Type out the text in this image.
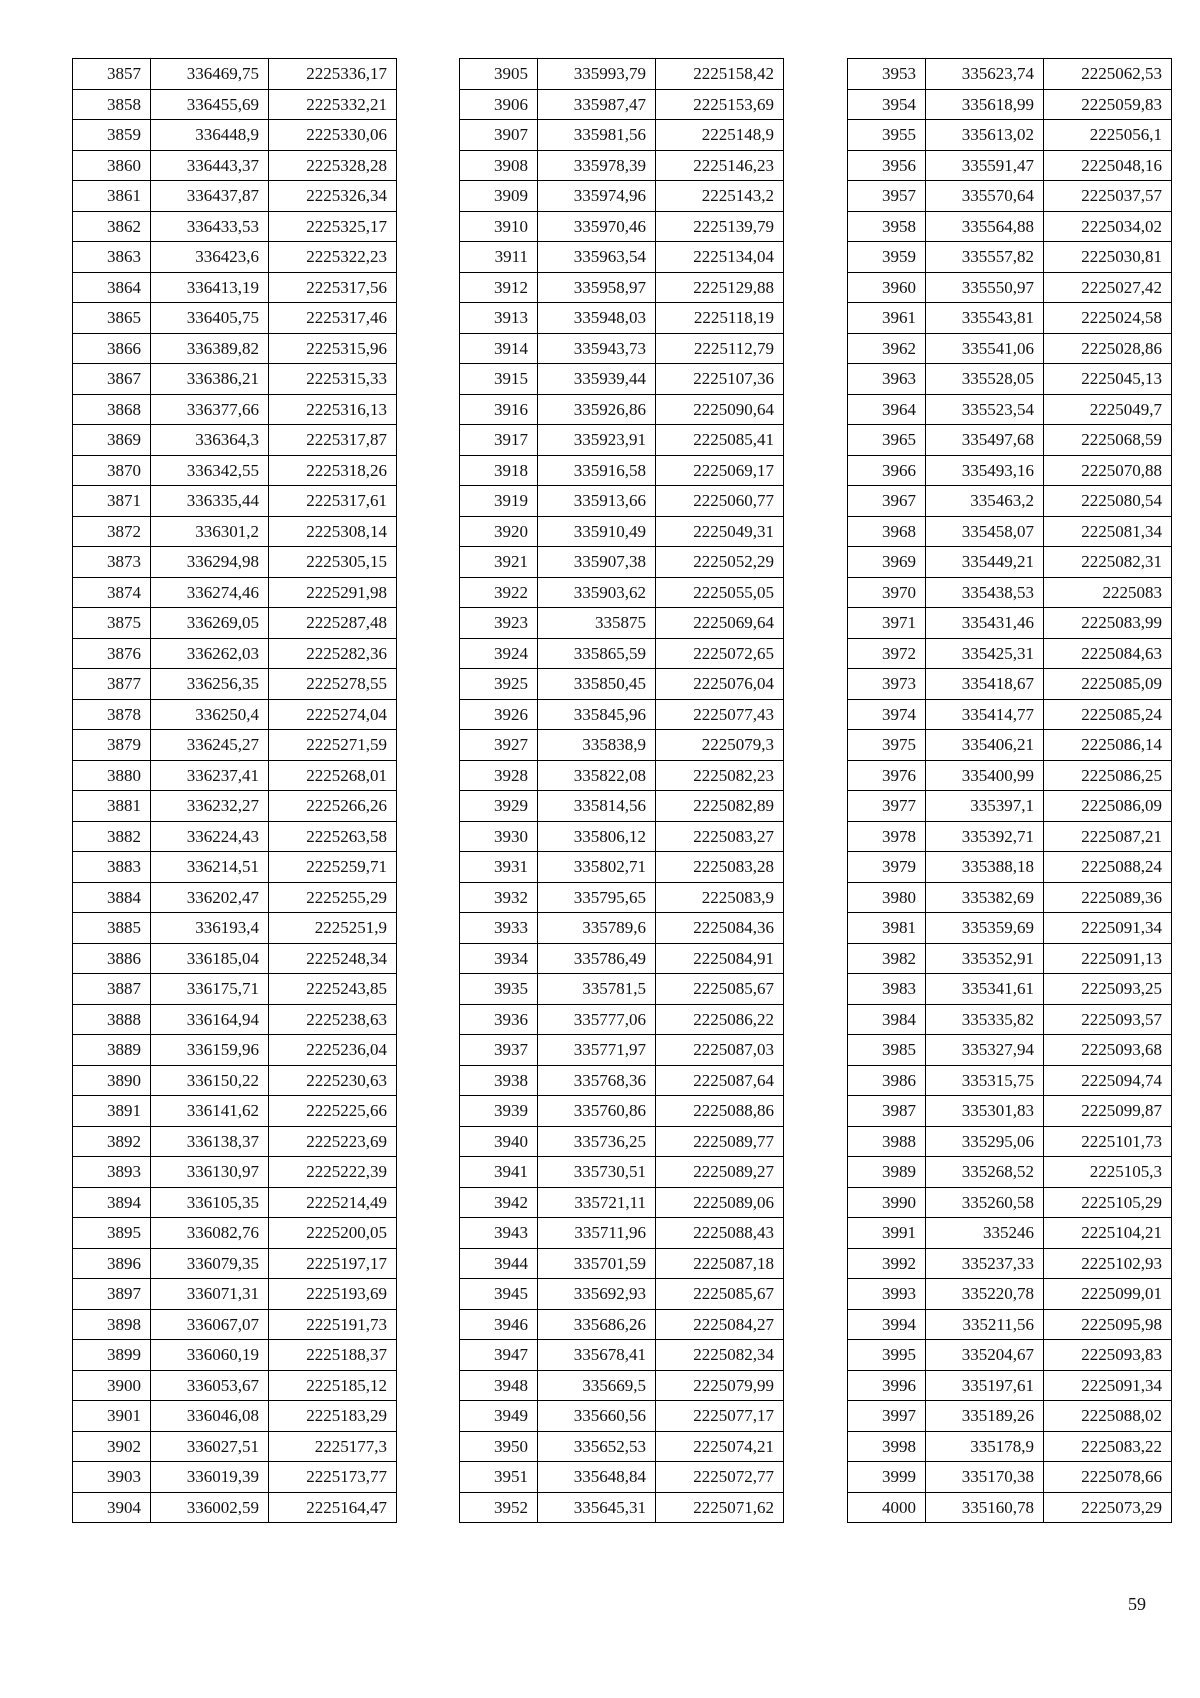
3857	336469,75	2225336,17
3858	336455,69	2225332,21
3859	336448,9	2225330,06
3860	336443,37	2225328,28
3861	336437,87	2225326,34
3862	336433,53	2225325,17
3863	336423,6	2225322,23
3864	336413,19	2225317,56
3865	336405,75	2225317,46
3866	336389,82	2225315,96
3867	336386,21	2225315,33
3868	336377,66	2225316,13
3869	336364,3	2225317,87
3870	336342,55	2225318,26
3871	336335,44	2225317,61
3872	336301,2	2225308,14
3873	336294,98	2225305,15
3874	336274,46	2225291,98
3875	336269,05	2225287,48
3876	336262,03	2225282,36
3877	336256,35	2225278,55
3878	336250,4	2225274,04
3879	336245,27	2225271,59
3880	336237,41	2225268,01
3881	336232,27	2225266,26
3882	336224,43	2225263,58
3883	336214,51	2225259,71
3884	336202,47	2225255,29
3885	336193,4	2225251,9
3886	336185,04	2225248,34
3887	336175,71	2225243,85
3888	336164,94	2225238,63
3889	336159,96	2225236,04
3890	336150,22	2225230,63
3891	336141,62	2225225,66
3892	336138,37	2225223,69
3893	336130,97	2225222,39
3894	336105,35	2225214,49
3895	336082,76	2225200,05
3896	336079,35	2225197,17
3897	336071,31	2225193,69
3898	336067,07	2225191,73
3899	336060,19	2225188,37
3900	336053,67	2225185,12
3901	336046,08	2225183,29
3902	336027,51	2225177,3
3903	336019,39	2225173,77
3904	336002,59	2225164,47
3905	335993,79	2225158,42
3906	335987,47	2225153,69
3907	335981,56	2225148,9
3908	335978,39	2225146,23
3909	335974,96	2225143,2
3910	335970,46	2225139,79
3911	335963,54	2225134,04
3912	335958,97	2225129,88
3913	335948,03	2225118,19
3914	335943,73	2225112,79
3915	335939,44	2225107,36
3916	335926,86	2225090,64
3917	335923,91	2225085,41
3918	335916,58	2225069,17
3919	335913,66	2225060,77
3920	335910,49	2225049,31
3921	335907,38	2225052,29
3922	335903,62	2225055,05
3923	335875	2225069,64
3924	335865,59	2225072,65
3925	335850,45	2225076,04
3926	335845,96	2225077,43
3927	335838,9	2225079,3
3928	335822,08	2225082,23
3929	335814,56	2225082,89
3930	335806,12	2225083,27
3931	335802,71	2225083,28
3932	335795,65	2225083,9
3933	335789,6	2225084,36
3934	335786,49	2225084,91
3935	335781,5	2225085,67
3936	335777,06	2225086,22
3937	335771,97	2225087,03
3938	335768,36	2225087,64
3939	335760,86	2225088,86
3940	335736,25	2225089,77
3941	335730,51	2225089,27
3942	335721,11	2225089,06
3943	335711,96	2225088,43
3944	335701,59	2225087,18
3945	335692,93	2225085,67
3946	335686,26	2225084,27
3947	335678,41	2225082,34
3948	335669,5	2225079,99
3949	335660,56	2225077,17
3950	335652,53	2225074,21
3951	335648,84	2225072,77
3952	335645,31	2225071,62
3953	335623,74	2225062,53
3954	335618,99	2225059,83
3955	335613,02	2225056,1
3956	335591,47	2225048,16
3957	335570,64	2225037,57
3958	335564,88	2225034,02
3959	335557,82	2225030,81
3960	335550,97	2225027,42
3961	335543,81	2225024,58
3962	335541,06	2225028,86
3963	335528,05	2225045,13
3964	335523,54	2225049,7
3965	335497,68	2225068,59
3966	335493,16	2225070,88
3967	335463,2	2225080,54
3968	335458,07	2225081,34
3969	335449,21	2225082,31
3970	335438,53	2225083
3971	335431,46	2225083,99
3972	335425,31	2225084,63
3973	335418,67	2225085,09
3974	335414,77	2225085,24
3975	335406,21	2225086,14
3976	335400,99	2225086,25
3977	335397,1	2225086,09
3978	335392,71	2225087,21
3979	335388,18	2225088,24
3980	335382,69	2225089,36
3981	335359,69	2225091,34
3982	335352,91	2225091,13
3983	335341,61	2225093,25
3984	335335,82	2225093,57
3985	335327,94	2225093,68
3986	335315,75	2225094,74
3987	335301,83	2225099,87
3988	335295,06	2225101,73
3989	335268,52	2225105,3
3990	335260,58	2225105,29
3991	335246	2225104,21
3992	335237,33	2225102,93
3993	335220,78	2225099,01
3994	335211,56	2225095,98
3995	335204,67	2225093,83
3996	335197,61	2225091,34
3997	335189,26	2225088,02
3998	335178,9	2225083,22
3999	335170,38	2225078,66
4000	335160,78	2225073,29
59
